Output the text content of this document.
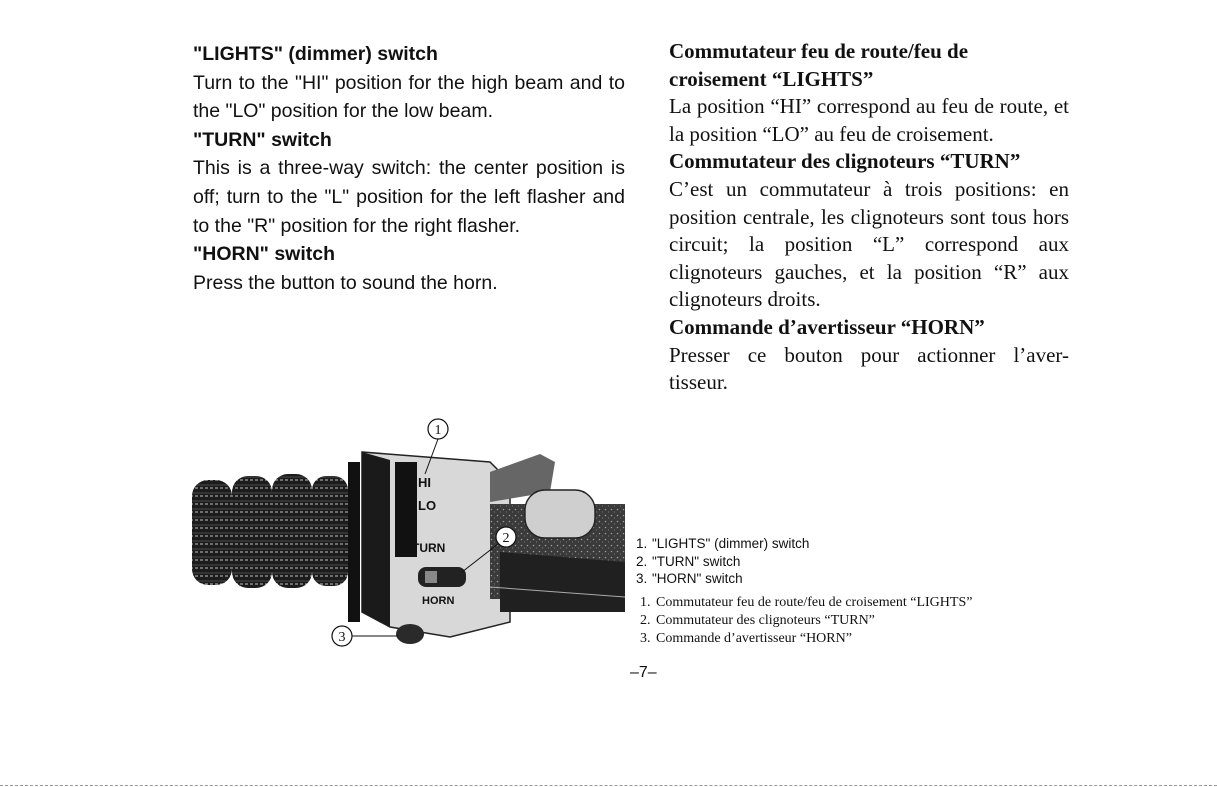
"LIGHTS" (dimmer) switch
Turn to the "HI" position for the high beam and to the "LO" position for the low beam.
"TURN" switch
This is a three-way switch: the center position is off; turn to the "L" position for the left flasher and to the "R" position for the right flasher.
"HORN" switch
Press the button to sound the horn.
Commutateur feu de route/feu de croisement “LIGHTS”
La position “HI” correspond au feu de route, et la position “LO” au feu de croisement.
Commutateur des clignoteurs “TURN”
C’est un commutateur à trois positions: en position centrale, les clignoteurs sont tous hors circuit; la position “L” correspond aux clignoteurs gauches, et la position “R” aux clignoteurs droits.
Commande d’avertisseur “HORN”
Presser ce bouton pour actionner l’aver- tisseur.
HI
LO
TURN
HORN
1
2
3
1. "LIGHTS" (dimmer) switch
2. "TURN" switch
3. "HORN" switch
1. Commutateur feu de route/feu de croisement “LIGHTS”
2. Commutateur des clignoteurs “TURN”
3. Commande d’avertisseur “HORN”
–7–
